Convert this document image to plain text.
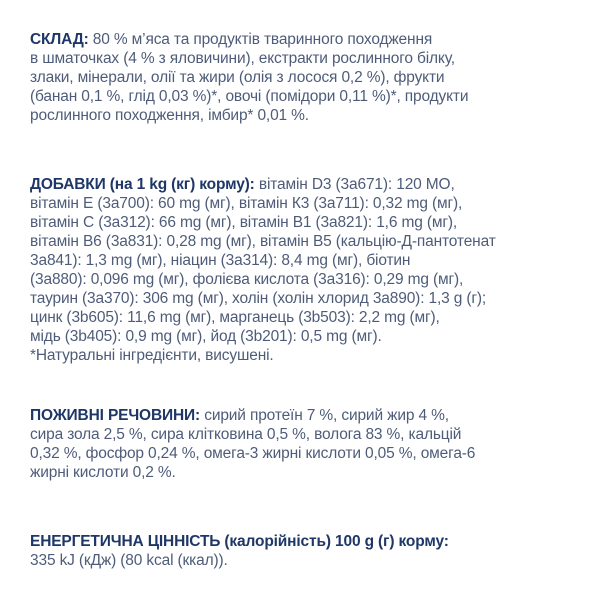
СКЛАД: 80 % м’яса та продуктів тваринного походження
в шматочках (4 % з яловичини), екстракти рослинного білку,
злаки, мінерали, олії та жири (олія з лосося 0,2 %), фрукти
(банан 0,1 %, глід 0,03 %)*, овочі (помідори 0,11 %)*, продукти
рослинного походження, імбир* 0,01 %.
ДОБАВКИ (на 1 kg (кг) корму): вітамін D3 (3a671): 120 МО,
вітамін Е (3a700): 60 mg (мг), вітамін К3 (3a711): 0,32 mg (мг),
вітамін С (3a312): 66 mg (мг), вітамін В1 (3a821): 1,6 mg (мг),
вітамін В6 (3a831): 0,28 mg (мг), вітамін В5 (кальцію-Д-пантотенат
3a841): 1,3 mg (мг), ніацин (3a314): 8,4 mg (мг), біотин
(3a880): 0,096 mg (мг), фолієва кислота (3a316): 0,29 mg (мг),
таурин (3a370): 306 mg (мг), холін (холін хлорид 3a890): 1,3 g (г);
цинк (3b605): 11,6 mg (мг), марганець (3b503): 2,2 mg (мг),
мідь (3b405): 0,9 mg (мг), йод (3b201): 0,5 mg (мг).
*Натуральні інгредієнти, висушені.
ПОЖИВНІ РЕЧОВИНИ: сирий протеїн 7 %, сирий жир 4 %,
сира зола 2,5 %, сира клітковина 0,5 %, волога 83 %, кальцій
0,32 %, фосфор 0,24 %, омега-3 жирні кислоти 0,05 %, омега-6
жирні кислоти 0,2 %.
ЕНЕРГЕТИЧНА ЦІННІСТЬ (калорійність) 100 g (г) корму:
335 kJ (кДж) (80 kcal (ккал)).
